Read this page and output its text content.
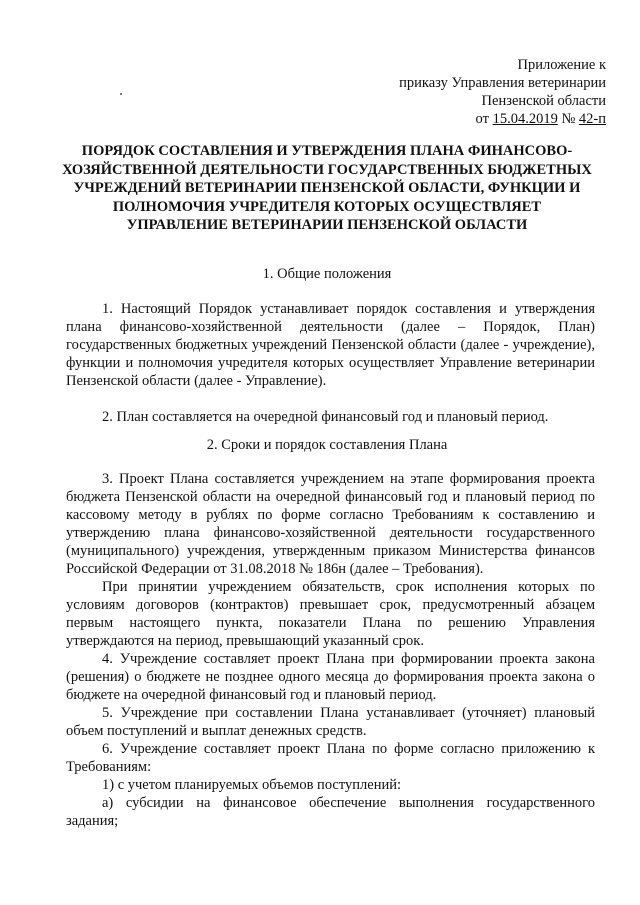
Приложение к
приказу Управления ветеринарии
Пензенской области
от 15.04.2019 № 42-п
ПОРЯДОК СОСТАВЛЕНИЯ И УТВЕРЖДЕНИЯ ПЛАНА ФИНАНСОВО-ХОЗЯЙСТВЕННОЙ ДЕЯТЕЛЬНОСТИ ГОСУДАРСТВЕННЫХ БЮДЖЕТНЫХ УЧРЕЖДЕНИЙ ВЕТЕРИНАРИИ ПЕНЗЕНСКОЙ ОБЛАСТИ, ФУНКЦИИ И ПОЛНОМОЧИЯ УЧРЕДИТЕЛЯ КОТОРЫХ ОСУЩЕСТВЛЯЕТ УПРАВЛЕНИЕ ВЕТЕРИНАРИИ ПЕНЗЕНСКОЙ ОБЛАСТИ
1. Общие положения

1. Настоящий Порядок устанавливает порядок составления и утверждения плана финансово-хозяйственной деятельности (далее – Порядок, План) государственных бюджетных учреждений Пензенской области (далее - учреждение), функции и полномочия учредителя которых осуществляет Управление ветеринарии Пензенской области (далее - Управление).

2. План составляется на очередной финансовый год и плановый период.

2. Сроки и порядок составления Плана

3. Проект Плана составляется учреждением на этапе формирования проекта бюджета Пензенской области на очередной финансовый год и плановый период по кассовому методу в рублях по форме согласно Требованиям к составлению и утверждению плана финансово-хозяйственной деятельности государственного (муниципального) учреждения, утвержденным приказом Министерства финансов Российской Федерации от 31.08.2018 № 186н (далее – Требования).

При принятии учреждением обязательств, срок исполнения которых по условиям договоров (контрактов) превышает срок, предусмотренный абзацем первым настоящего пункта, показатели Плана по решению Управления утверждаются на период, превышающий указанный срок.

4. Учреждение составляет проект Плана при формировании проекта закона (решения) о бюджете не позднее одного месяца до формирования проекта закона о бюджете на очередной финансовый год и плановый период.

5. Учреждение при составлении Плана устанавливает (уточняет) плановый объем поступлений и выплат денежных средств.

6. Учреждение составляет проект Плана по форме согласно приложению к Требованиям:

1) с учетом планируемых объемов поступлений:

а) субсидии на финансовое обеспечение выполнения государственного задания;
